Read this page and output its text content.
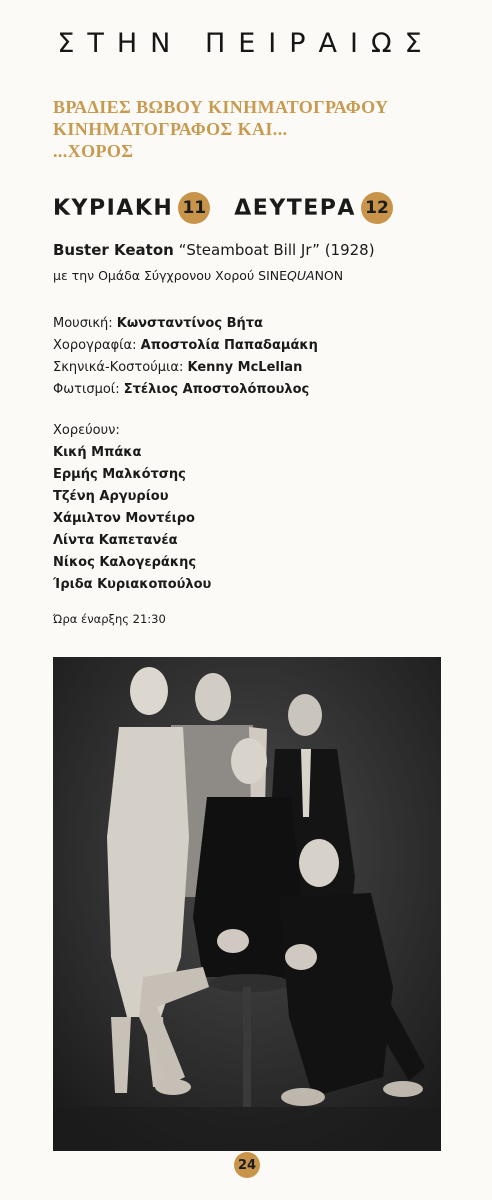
ΣΤΗΝ ΠΕΙΡΑΙΩΣ
ΒΡΑΔΙΕΣ ΒΩΒΟΥ ΚΙΝΗΜΑΤΟΓΡΑΦΟΥ
ΚΙΝΗΜΑΤΟΓΡΑΦΟΣ ΚΑΙ...
...ΧΟΡΟΣ
ΚΥΡΙΑΚΗ 11 ΔΕΥΤΕΡΑ 12
Buster Keaton “Steamboat Bill Jr” (1928)
με την Ομάδα Σύγχρονου Χορού SINEQUANON
Μουσική: Κωνσταντίνος Βήτα
Χορογραφία: Αποστολία Παπαδαμάκη
Σκηνικά-Κοστούμια: Kenny McLellan
Φωτισμοί: Στέλιος Αποστολόπουλος
Χορεύουν:
Κική Μπάκα
Ερμής Μαλκότσης
Τζένη Αργυρίου
Χάμιλτον Μοντέιρο
Λίντα Καπετανέα
Νίκος Καλογεράκης
Ίριδα Κυριακοπούλου
Ώρα έναρξης 21:30
24
